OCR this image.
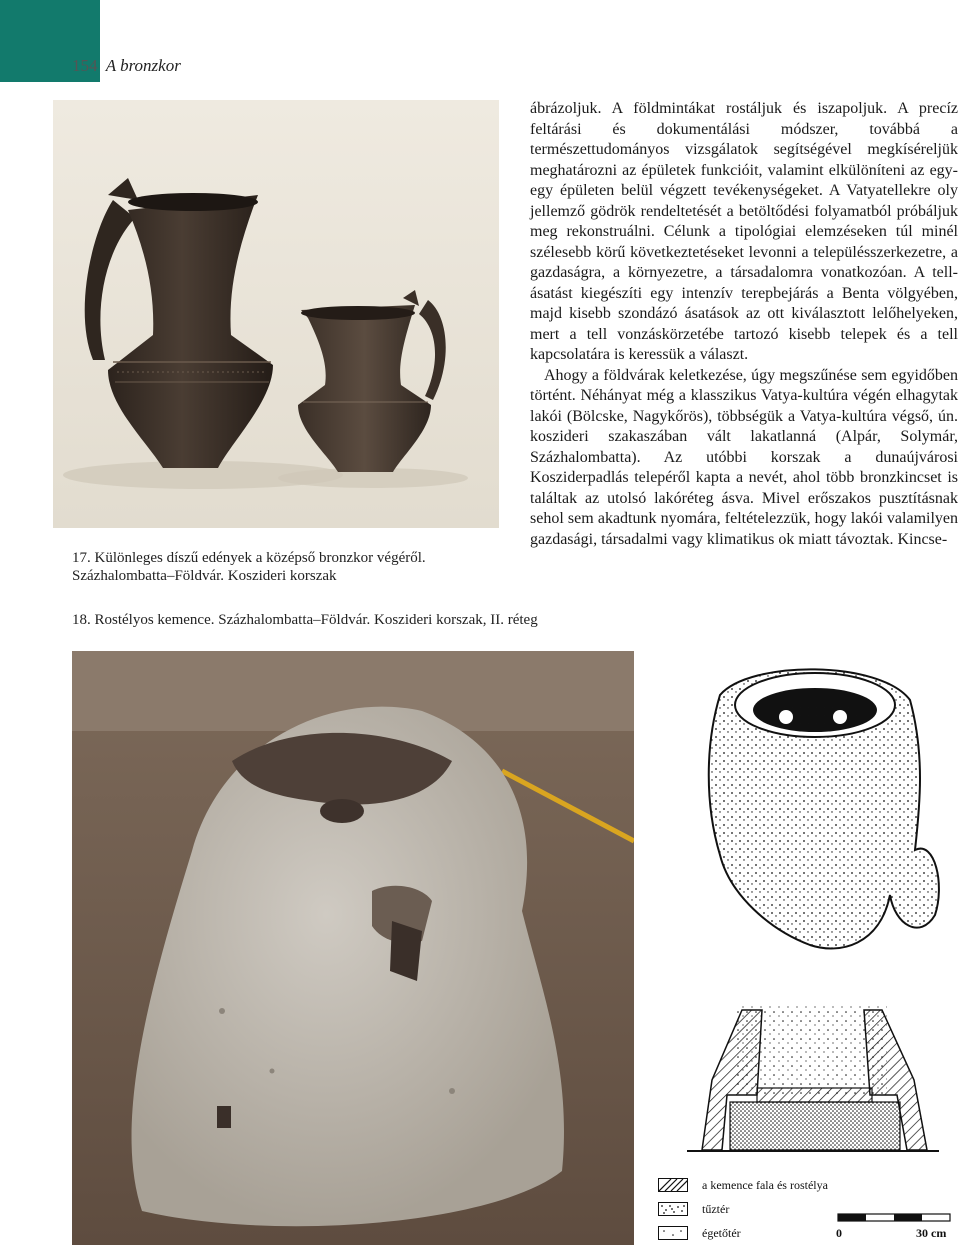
154 A bronzkor
17. Különleges díszű edények a középső bronzkor végéről.
Százhalombatta–Földvár. Koszideri korszak

ábrázoljuk. A földmintákat rostáljuk és iszapoljuk. A precíz feltárási és dokumentálási módszer, továbbá a természettudományos vizsgálatok segítségével megkíséreljük meghatározni az épületek funkcióit, valamint elkülöníteni az egy-egy épületen belül végzett tevékenységeket. A Vatyatellekre oly jellemző gödrök rendeltetését a betöltődési folyamatból próbáljuk meg rekonstruálni. Célunk a tipológiai elemzéseken túl minél szélesebb körű következtetéseket levonni a településszerkezetre, a gazdaságra, a környezetre, a társadalomra vonatkozóan. A tell-ásatást kiegészíti egy intenzív terepbejárás a Benta völgyében, majd kisebb szondázó ásatások az ott kiválasztott lelőhelyeken, mert a tell vonzáskörzetébe tartozó kisebb telepek és a tell kapcsolatára is keressük a választ.

Ahogy a földvárak keletkezése, úgy megszűnése sem egyidőben történt. Néhányat még a klasszikus Vatya-kultúra végén elhagytak lakói (Bölcske, Nagykőrös), többségük a Vatya-kultúra végső, ún. koszideri szakaszában vált lakatlanná (Alpár, Solymár, Százhalombatta). Az utóbbi korszak a dunaújvárosi Kosziderpadlás telepéről kapta a nevét, ahol több bronzkincset is találtak az utolsó lakóréteg ásva. Mivel erőszakos pusztításnak sehol sem akadtunk nyomára, feltételezzük, hogy lakói valamilyen gazdasági, társadalmi vagy klimatikus ok miatt távoztak. Kincse-

18. Rostélyos kemence. Százhalombatta–Földvár. Koszideri korszak, II. réteg
a kemence fala és rostélya
tűztér
égetőtér	0	30 cm
